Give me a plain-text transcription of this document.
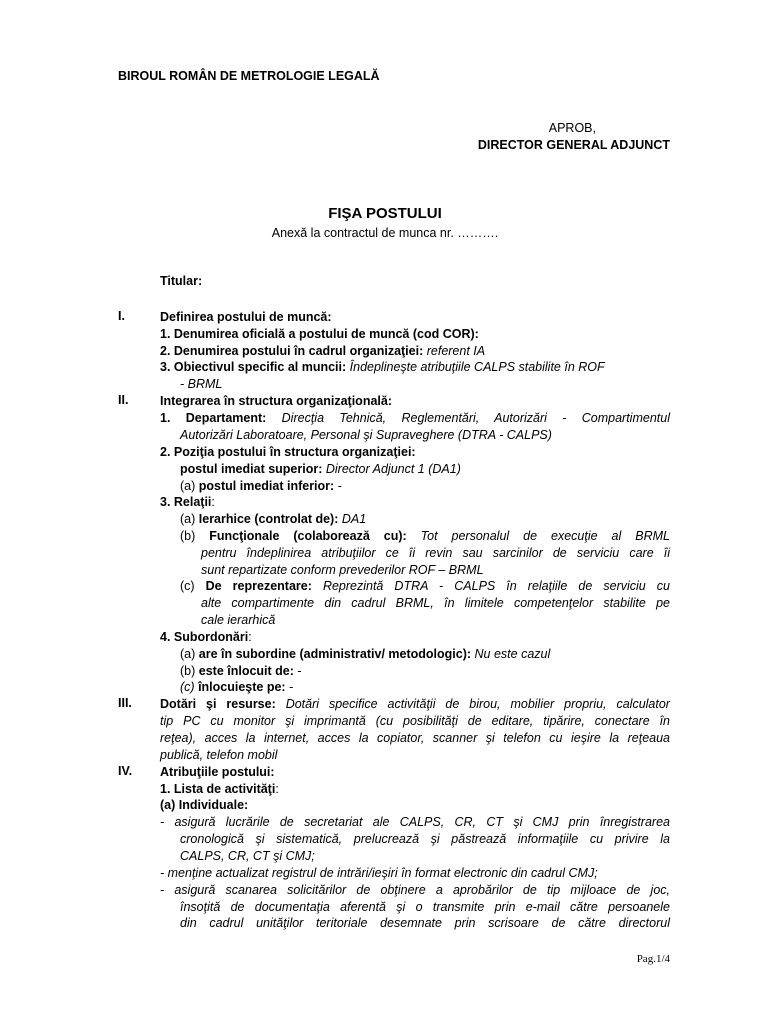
BIROUL ROMÂN DE METROLOGIE LEGALĂ
APROB,
DIRECTOR GENERAL ADJUNCT
FIŞA POSTULUI
Anexă la contractul de munca nr. ……….
Titular:
I.	Definirea postului de muncă:
1. Denumirea oficială a postului de muncă (cod COR):
2. Denumirea postului în cadrul organizaţiei: referent IA
3. Obiectivul specific al muncii: Îndeplineşte atribuţiile CALPS stabilite în ROF
- BRML
II.	Integrarea în structura organizaţională:
1. Departament: Direcţia Tehnică, Reglementări, Autorizări - Compartimentul
Autorizări Laboratoare, Personal şi Supraveghere (DTRA - CALPS)
2. Poziţia postului în structura organizaţiei:
postul imediat superior: Director Adjunct 1 (DA1)
(a) postul imediat inferior: -
3. Relaţii:
(a) Ierarhice (controlat de): DA1
(b) Funcţionale (colaborează cu): Tot personalul de execuţie al BRML
pentru îndeplinirea atribuţiilor ce îi revin sau sarcinilor de serviciu care îi
sunt repartizate conform prevederilor ROF – BRML
(c) De reprezentare: Reprezintă DTRA - CALPS în relaţiile de serviciu cu
alte compartimente din cadrul BRML, în limitele competenţelor stabilite pe
cale ierarhică
4. Subordonări:
(a) are în subordine (administrativ/ metodologic): Nu este cazul
(b) este înlocuit de: -
(c) înlocuieşte pe: -
III. Dotări şi resurse: Dotări specifice activităţii de birou, mobilier propriu, calculator
tip PC cu monitor şi imprimantă (cu posibilităţi de editare, tipărire, conectare în
reţea), acces la internet, acces la copiator, scanner şi telefon cu ieşire la reţeaua
publică, telefon mobil
IV. Atribuţiile postului:
1. Lista de activităţi:
(a) Individuale:
- asigură lucrările de secretariat ale CALPS, CR, CT şi CMJ prin înregistrarea
cronologică şi sistematică, prelucrează şi păstrează informaţiile cu privire la
CALPS, CR, CT şi CMJ;
- menţine actualizat registrul de intrări/ieşiri în format electronic din cadrul CMJ;
- asigură scanarea solicitărilor de obţinere a aprobărilor de tip mijloace de joc,
însoţită de documentaţia aferentă şi o transmite prin e-mail către persoanele
din cadrul unităţilor teritoriale desemnate prin scrisoare de către directorul
Pag.1/4
